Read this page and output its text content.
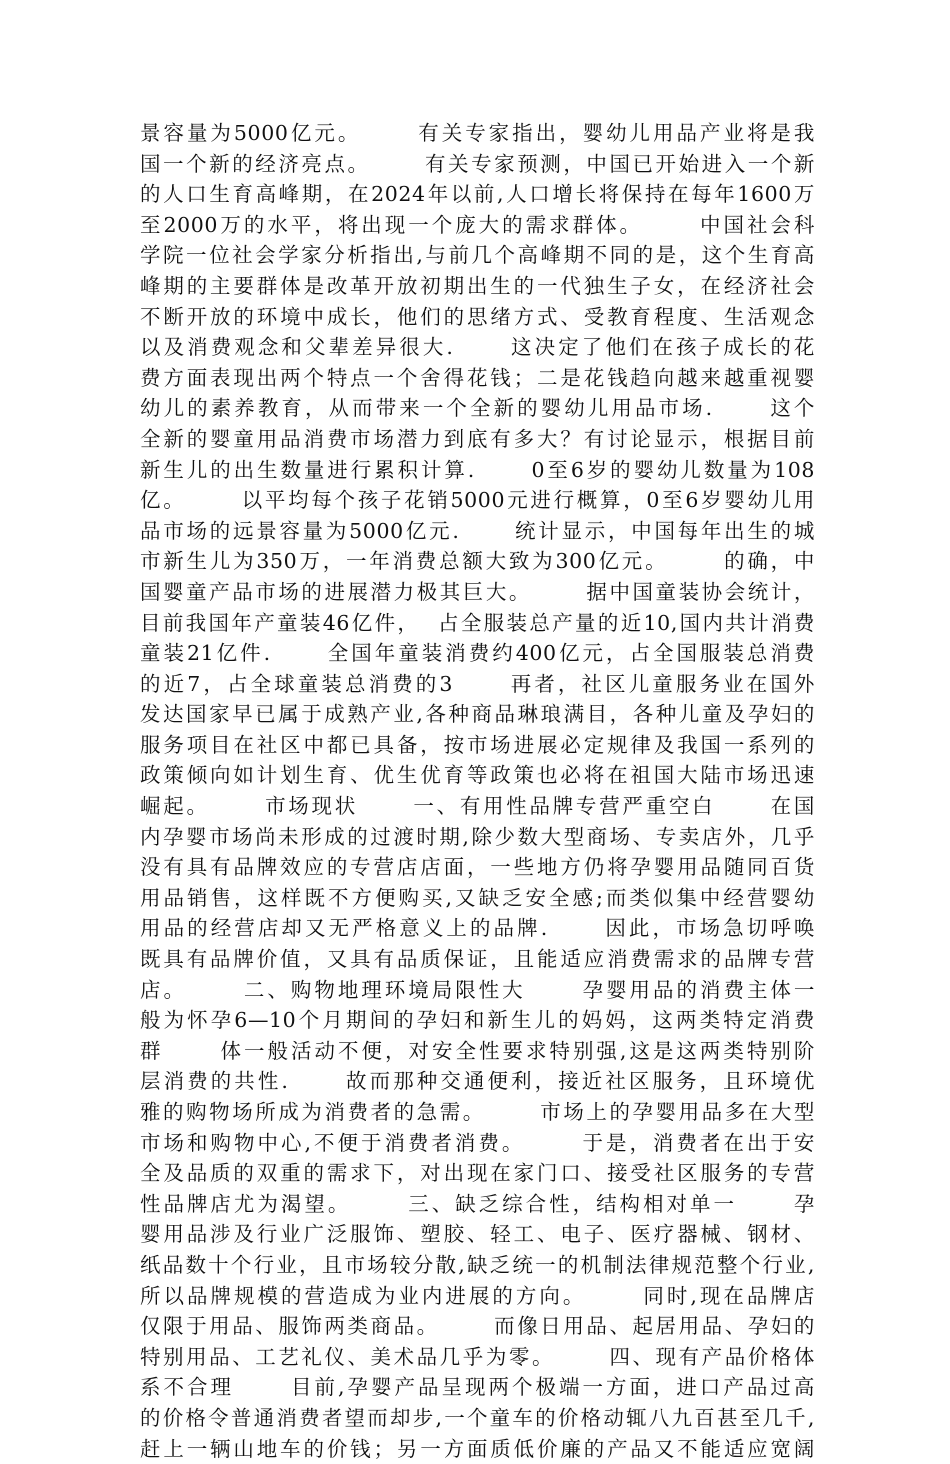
景容量为5000亿元。      有关专家指出，婴幼儿用品产业将是我
国一个新的经济亮点。      有关专家预测，中国已开始进入一个新
的人口生育高峰期，在2024年以前,人口增长将保持在每年1600万
至2000万的水平，将出现一个庞大的需求群体。      中国社会科
学院一位社会学家分析指出,与前几个高峰期不同的是，这个生育高
峰期的主要群体是改革开放初期出生的一代独生子女，在经济社会
不断开放的环境中成长，他们的思绪方式、受教育程度、生活观念
以及消费观念和父辈差异很大.      这决定了他们在孩子成长的花
费方面表现出两个特点一个舍得花钱；二是花钱趋向越来越重视婴
幼儿的素养教育，从而带来一个全新的婴幼儿用品市场.      这个
全新的婴童用品消费市场潜力到底有多大？有讨论显示，根据目前
新生儿的出生数量进行累积计算.      0至6岁的婴幼儿数量为108
亿。      以平均每个孩子花销5000元进行概算，0至6岁婴幼儿用
品市场的远景容量为5000亿元.      统计显示，中国每年出生的城
市新生儿为350万，一年消费总额大致为300亿元。      的确，中
国婴童产品市场的进展潜力极其巨大。      据中国童装协会统计，
目前我国年产童装46亿件，  占全服装总产量的近10,国内共计消费
童装21亿件.      全国年童装消费约400亿元，占全国服装总消费
的近7，占全球童装总消费的3      再者，社区儿童服务业在国外
发达国家早已属于成熟产业,各种商品琳琅满目，各种儿童及孕妇的
服务项目在社区中都已具备，按市场进展必定规律及我国一系列的
政策倾向如计划生育、优生优育等政策也必将在祖国大陆市场迅速
崛起。      市场现状      一、有用性品牌专营严重空白      在国
内孕婴市场尚未形成的过渡时期,除少数大型商场、专卖店外，几乎
没有具有品牌效应的专营店店面，一些地方仍将孕婴用品随同百货
用品销售，这样既不方便购买,又缺乏安全感;而类似集中经营婴幼
用品的经营店却又无严格意义上的品牌.      因此，市场急切呼唤
既具有品牌价值，又具有品质保证，且能适应消费需求的品牌专营
店。      二、购物地理环境局限性大      孕婴用品的消费主体一
般为怀孕6—10个月期间的孕妇和新生儿的妈妈，这两类特定消费
群      体一般活动不便，对安全性要求特别强,这是这两类特别阶
层消费的共性.      故而那种交通便利，接近社区服务，且环境优
雅的购物场所成为消费者的急需。      市场上的孕婴用品多在大型
市场和购物中心,不便于消费者消费。      于是，消费者在出于安
全及品质的双重的需求下，对出现在家门口、接受社区服务的专营
性品牌店尤为渴望。      三、缺乏综合性，结构相对单一      孕
婴用品涉及行业广泛服饰、塑胶、轻工、电子、医疗器械、钢材、
纸品数十个行业，且市场较分散,缺乏统一的机制法律规范整个行业,
所以品牌规模的营造成为业内进展的方向。      同时,现在品牌店
仅限于用品、服饰两类商品。      而像日用品、起居用品、孕妇的
特别用品、工艺礼仪、美术品几乎为零。      四、现有产品价格体
系不合理      目前,孕婴产品呈现两个极端一方面，进口产品过高
的价格令普通消费者望而却步,一个童车的价格动辄八九百甚至几千,
赶上一辆山地车的价钱；另一方面质低价廉的产品又不能适应宽阔
